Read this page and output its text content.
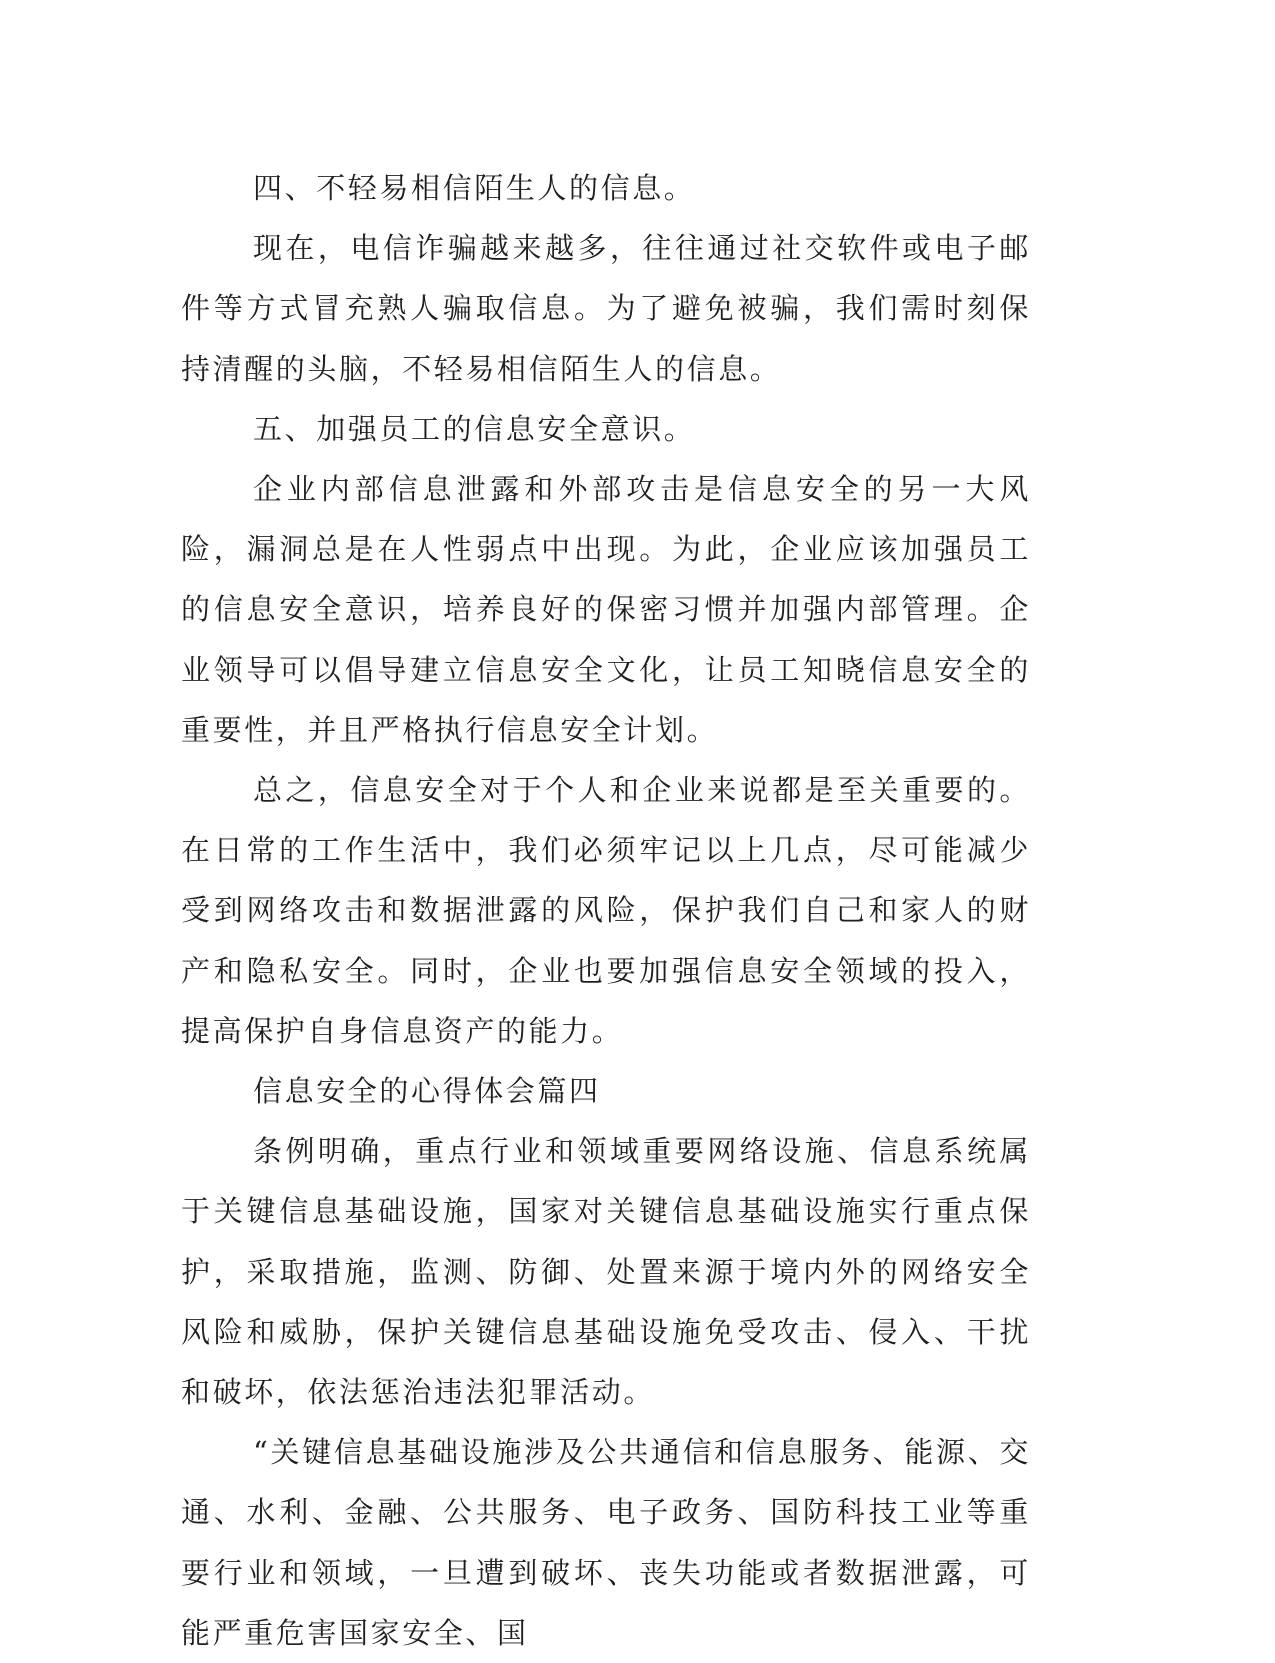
四、不轻易相信陌生人的信息。

现在，电信诈骗越来越多，往往通过社交软件或电子邮件等方式冒充熟人骗取信息。为了避免被骗，我们需时刻保持清醒的头脑，不轻易相信陌生人的信息。

五、加强员工的信息安全意识。

企业内部信息泄露和外部攻击是信息安全的另一大风险，漏洞总是在人性弱点中出现。为此，企业应该加强员工的信息安全意识，培养良好的保密习惯并加强内部管理。企业领导可以倡导建立信息安全文化，让员工知晓信息安全的重要性，并且严格执行信息安全计划。

总之，信息安全对于个人和企业来说都是至关重要的。在日常的工作生活中，我们必须牢记以上几点，尽可能减少受到网络攻击和数据泄露的风险，保护我们自己和家人的财产和隐私安全。同时，企业也要加强信息安全领域的投入，提高保护自身信息资产的能力。

信息安全的心得体会篇四

条例明确，重点行业和领域重要网络设施、信息系统属于关键信息基础设施，国家对关键信息基础设施实行重点保护，采取措施，监测、防御、处置来源于境内外的网络安全风险和威胁，保护关键信息基础设施免受攻击、侵入、干扰和破坏，依法惩治违法犯罪活动。

“关键信息基础设施涉及公共通信和信息服务、能源、交通、水利、金融、公共服务、电子政务、国防科技工业等重要行业和领域，一旦遭到破坏、丧失功能或者数据泄露，可能严重危害国家安全、国
